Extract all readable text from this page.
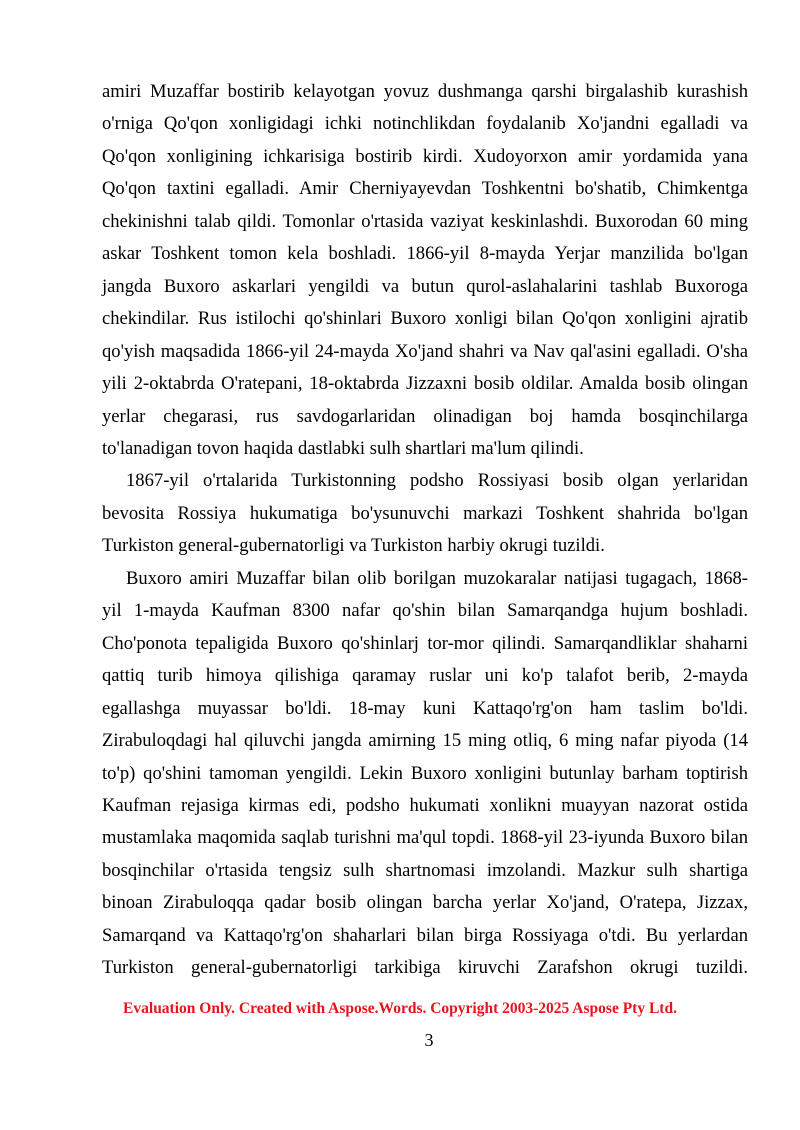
amiri Muzaffar bostirib kelayotgan yovuz dushmanga qarshi birgalashib kurashish
o'rniga Qo'qon xonligidagi ichki notinchlikdan foydalanib Xo'jandni egalladi va
Qo'qon xonligining ichkarisiga bostirib kirdi. Xudoyorxon amir yordamida yana
Qo'qon taxtini egalladi. Amir Cherniyayevdan Toshkentni bo'shatib, Chimkentga
chekinishni talab qildi. Tomonlar o'rtasida vaziyat keskinlashdi. Buxorodan 60 ming
askar Toshkent tomon kela boshladi. 1866-yil 8-mayda Yerjar manzilida bo'lgan
jangda Buxoro askarlari yengildi va butun qurol-aslahalarini tashlab Buxoroga
chekindilar. Rus istilochi qo'shinlari Buxoro xonligi bilan Qo'qon xonligini ajratib
qo'yish maqsadida 1866-yil 24-mayda Xo'jand shahri va Nav qal'asini egalladi. O'sha
yili 2-oktabrda O'ratepani, 18-oktabrda Jizzaxni bosib oldilar. Amalda bosib olingan
yerlar chegarasi, rus savdogarlaridan olinadigan boj hamda bosqinchilarga
to'lanadigan tovon haqida dastlabki sulh shartlari ma'lum qilindi.
1867-yil o'rtalarida Turkistonning podsho Rossiyasi bosib olgan yerlaridan
bevosita Rossiya hukumatiga bo'ysunuvchi markazi Toshkent shahrida bo'lgan
Turkiston general-gubernatorligi va Turkiston harbiy okrugi tuzildi.
Buxoro amiri Muzaffar bilan olib borilgan muzokaralar natijasi tugagach, 1868-
yil 1-mayda Kaufman 8300 nafar qo'shin bilan Samarqandga hujum boshladi.
Cho'ponota tepaligida Buxoro qo'shinlarj tor-mor qilindi. Samarqandliklar shaharni
qattiq turib himoya qilishiga qaramay ruslar uni ko'p talafot berib, 2-mayda
egallashga muyassar bo'ldi. 18-may kuni Kattaqo'rg'on ham taslim bo'ldi.
Zirabuloqdagi hal qiluvchi jangda amirning 15 ming otliq, 6 ming nafar piyoda (14
to'p) qo'shini tamoman yengildi. Lekin Buxoro xonligini butunlay barham toptirish
Kaufman rejasiga kirmas edi, podsho hukumati xonlikni muayyan nazorat ostida
mustamlaka maqomida saqlab turishni ma'qul topdi. 1868-yil 23-iyunda Buxoro bilan
bosqinchilar o'rtasida tengsiz sulh shartnomasi imzolandi. Mazkur sulh shartiga
binoan Zirabuloqqa qadar bosib olingan barcha yerlar Xo'jand, O'ratepa, Jizzax,
Samarqand va Kattaqo'rg'on shaharlari bilan birga Rossiyaga o'tdi. Bu yerlardan
Turkiston general-gubernatorligi tarkibiga kiruvchi Zarafshon okrugi tuzildi.
Evaluation Only. Created with Aspose.Words. Copyright 2003-2025 Aspose Pty Ltd.
3
